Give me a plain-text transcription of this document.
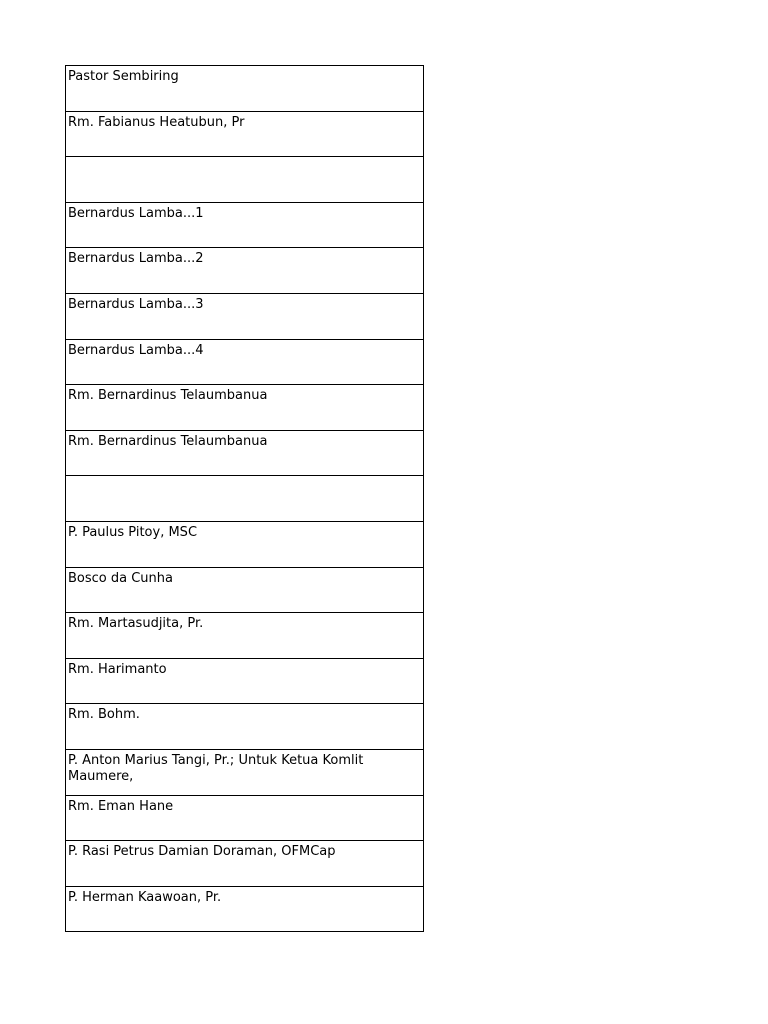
Pastor Sembiring
Rm. Fabianus Heatubun, Pr
Bernardus Lamba...1
Bernardus Lamba...2
Bernardus Lamba...3
Bernardus Lamba...4
Rm. Bernardinus Telaumbanua
Rm. Bernardinus Telaumbanua
P. Paulus Pitoy, MSC
Bosco da Cunha
Rm. Martasudjita, Pr.
Rm. Harimanto
Rm. Bohm.
P. Anton Marius Tangi, Pr.; Untuk Ketua Komlit Maumere,
Rm. Eman Hane
P. Rasi Petrus Damian Doraman, OFMCap
P. Herman Kaawoan, Pr.
